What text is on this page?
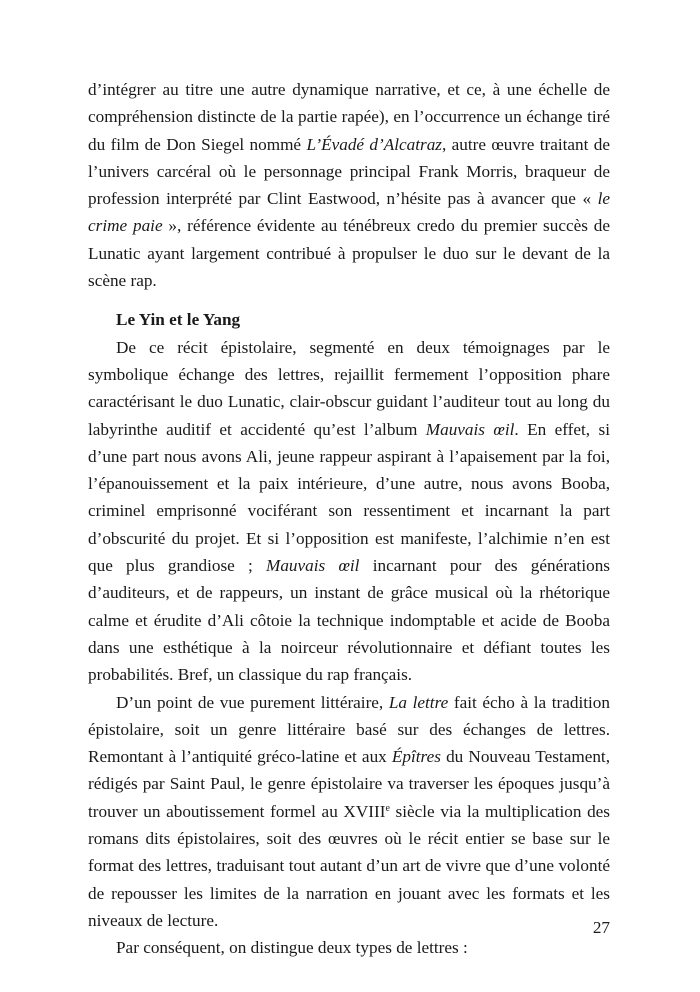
d’intégrer au titre une autre dynamique narrative, et ce, à une échelle de compréhension distincte de la partie rapée), en l’occurrence un échange tiré du film de Don Siegel nommé L’Évadé d’Alcatraz, autre œuvre traitant de l’univers carcéral où le personnage principal Frank Morris, braqueur de profession interprété par Clint Eastwood, n’hésite pas à avancer que « le crime paie », référence évidente au ténébreux credo du premier succès de Lunatic ayant largement contribué à propulser le duo sur le devant de la scène rap.

Le Yin et le Yang

De ce récit épistolaire, segmenté en deux témoignages par le symbolique échange des lettres, rejaillit fermement l’opposition phare caractérisant le duo Lunatic, clair-obscur guidant l’auditeur tout au long du labyrinthe auditif et accidenté qu’est l’album Mauvais œil. En effet, si d’une part nous avons Ali, jeune rappeur aspirant à l’apaisement par la foi, l’épanouissement et la paix intérieure, d’une autre, nous avons Booba, criminel emprisonné vociférant son ressentiment et incarnant la part d’obscurité du projet. Et si l’opposition est manifeste, l’alchimie n’en est que plus grandiose ; Mauvais œil incarnant pour des générations d’auditeurs, et de rappeurs, un instant de grâce musical où la rhétorique calme et érudite d’Ali côtoie la technique indomptable et acide de Booba dans une esthétique à la noirceur révolutionnaire et défiant toutes les probabilités. Bref, un classique du rap français.

D’un point de vue purement littéraire, La lettre fait écho à la tradition épistolaire, soit un genre littéraire basé sur des échanges de lettres. Remontant à l’antiquité gréco-latine et aux Épîtres du Nouveau Testament, rédigés par Saint Paul, le genre épistolaire va traverser les époques jusqu’à trouver un aboutissement formel au XVIIIe siècle via la multiplication des romans dits épistolaires, soit des œuvres où le récit entier se base sur le format des lettres, traduisant tout autant d’un art de vivre que d’une volonté de repousser les limites de la narration en jouant avec les formats et les niveaux de lecture.

Par conséquent, on distingue deux types de lettres :

27
